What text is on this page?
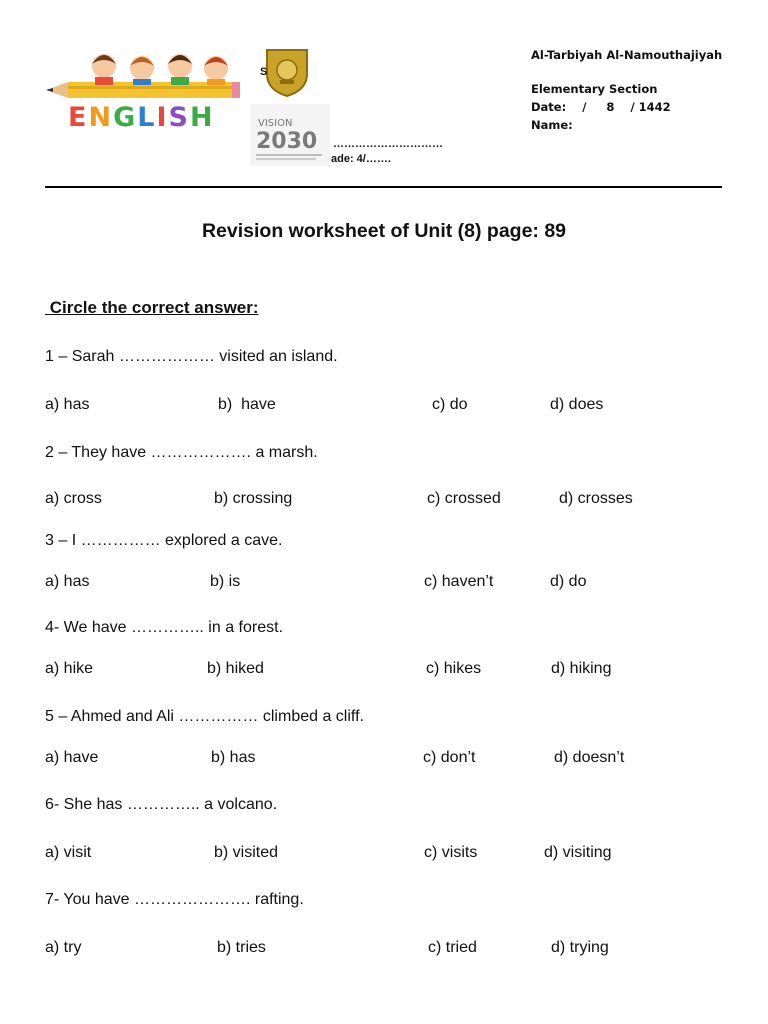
ENGLISH
S
VISION
2030 …………………………
ade: 4/…….
Al-Tarbiyah Al-Namouthajiyah
Elementary Section
Date:    /     8    / 1442
Name:
Revision worksheet of Unit (8) page: 89
Circle the correct answer:
1 – Sarah ……………… visited an island.
a) has	b)  have	c) do	d) does
2 – They have ………………. a marsh.
a) cross	b) crossing	c) crossed	d) crosses
3 – I …………… explored a cave.
a) has	b) is	c) haven’t	d) do
4- We have ………….. in a forest.
a) hike	b) hiked	c) hikes	d) hiking
5 – Ahmed and Ali …………… climbed a cliff.
a) have	b) has	c) don’t	d) doesn’t
6- She has ………….. a volcano.
a) visit	b) visited	c) visits	d) visiting
7- You have …………………. rafting.
a) try	b) tries	c) tried	d) trying
